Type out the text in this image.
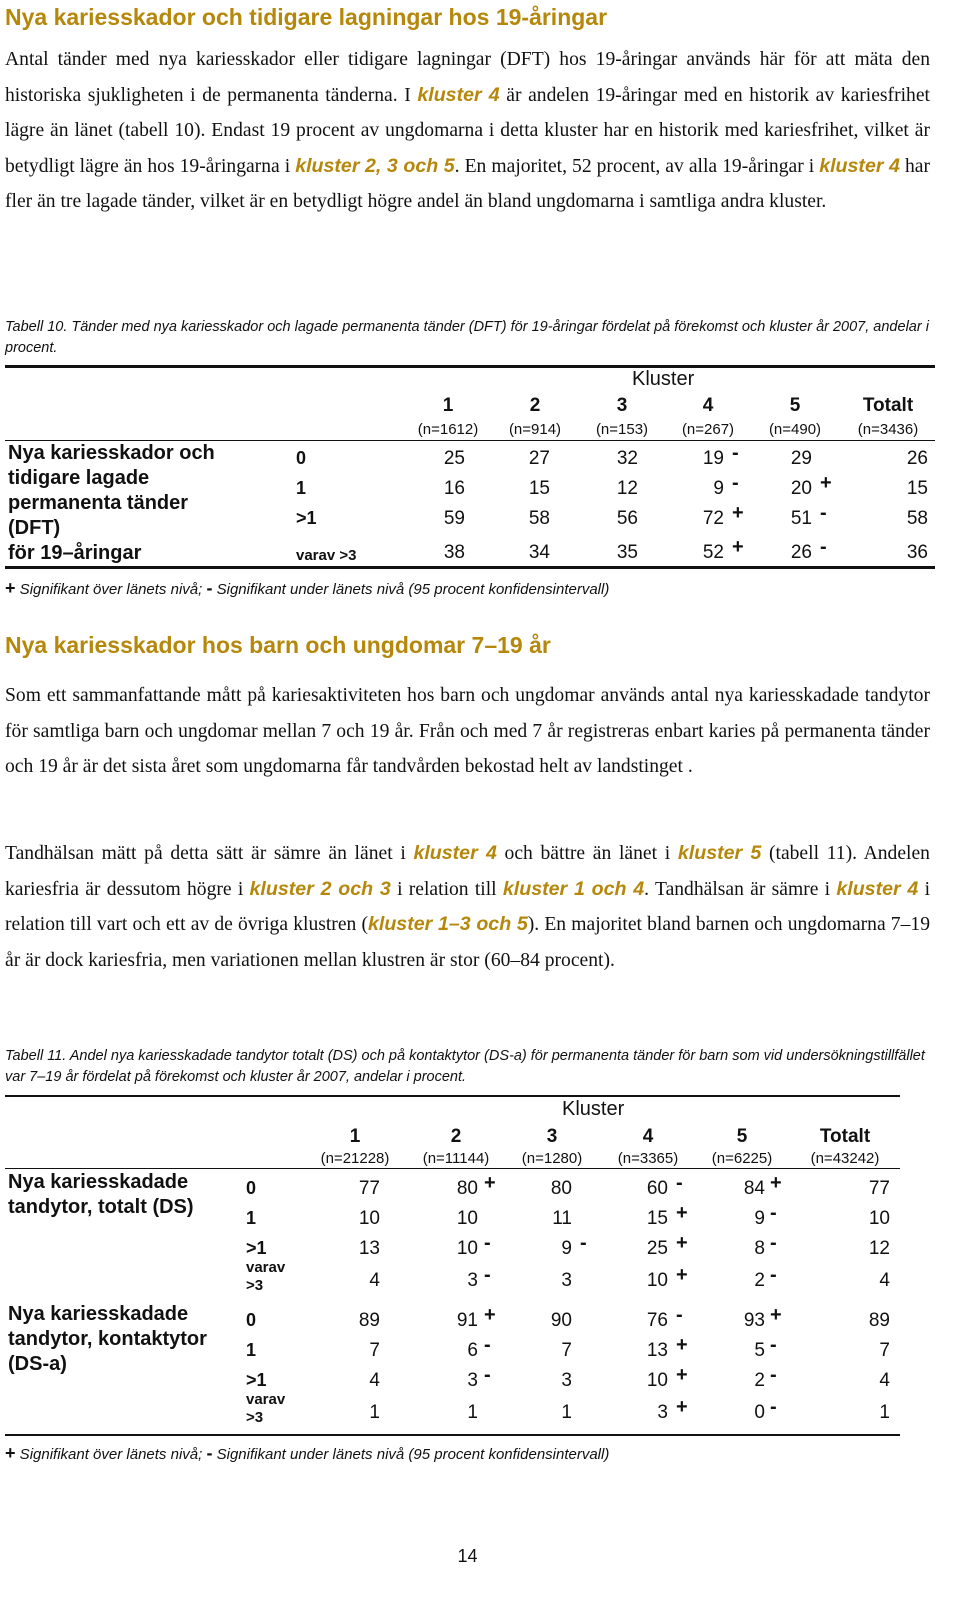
Nya kariesskador och tidigare lagningar hos 19-åringar

Antal tänder med nya kariesskador eller tidigare lagningar (DFT) hos 19-åringar används här för att mäta den historiska sjukligheten i de permanenta tänderna. I kluster 4 är andelen 19-åringar med en historik av kariesfrihet lägre än länet (tabell 10). Endast 19 procent av ungdomarna i detta kluster har en historik med kariesfrihet, vilket är betydligt lägre än hos 19-åringarna i kluster 2, 3 och 5. En majoritet, 52 procent, av alla 19-åringar i kluster 4 har fler än tre lagade tänder, vilket är en betydligt högre andel än bland ungdomarna i samtliga andra kluster.

Tabell 10. Tänder med nya kariesskador och lagade permanenta tänder (DFT) för 19-åringar fördelat på förekomst och kluster år 2007, andelar i procent.

Kluster
1
(n=1612)
2
(n=914)
3
(n=153)
4
(n=267)
5
(n=490)
Totalt
(n=3436)
Nya kariesskador och
tidigare lagade
permanenta tänder
(DFT)
för 19–åringar
0	25	27	32	19 -	29	26
1	16	15	12	9 -	20 +	15
>1	59	58	56	72 +	51 -	58
varav >3	38	34	35	52 +	26 -	36
+ Signifikant över länets nivå; - Signifikant under länets nivå (95 procent konfidensintervall)
Nya kariesskador hos barn och ungdomar 7–19 år

Som ett sammanfattande mått på kariesaktiviteten hos barn och ungdomar används antal nya kariesskadade tandytor för samtliga barn och ungdomar mellan 7 och 19 år. Från och med 7 år registreras enbart karies på permanenta tänder och 19 år är det sista året som ungdomarna får tandvården bekostad helt av landstinget .

Tandhälsan mätt på detta sätt är sämre än länet i kluster 4 och bättre än länet i kluster 5 (tabell 11). Andelen kariesfria är dessutom högre i kluster 2 och 3 i relation till kluster 1 och 4. Tandhälsan är sämre i kluster 4 i relation till vart och ett av de övriga klustren (kluster 1–3 och 5). En majoritet bland barnen och ungdomarna 7–19 år är dock kariesfria, men variationen mellan klustren är stor (60–84 procent).

Tabell 11. Andel nya kariesskadade tandytor totalt (DS) och på kontaktytor (DS-a) för permanenta tänder för barn som vid undersökningstillfället var 7–19 år fördelat på förekomst och kluster år 2007, andelar i procent.

Kluster
1
(n=21228)
2
(n=11144)
3
(n=1280)
4
(n=3365)
5
(n=6225)
Totalt
(n=43242)
Nya kariesskadade
tandytor, totalt (DS)
0	77	80 +	80	60 -	84 +	77
1	10	10	11	15 +	9 -	10
>1	13	10 -	9 -	25 +	8 -	12
varav
>3	4	3 -	3	10 +	2 -	4
Nya kariesskadade
tandytor, kontaktytor
(DS-a)
0	89	91 +	90	76 -	93 +	89
1	7	6 -	7	13 +	5 -	7
>1	4	3 -	3	10 +	2 -	4
varav
>3	1	1	1	3 +	0 -	1
+ Signifikant över länets nivå; - Signifikant under länets nivå (95 procent konfidensintervall)
14
